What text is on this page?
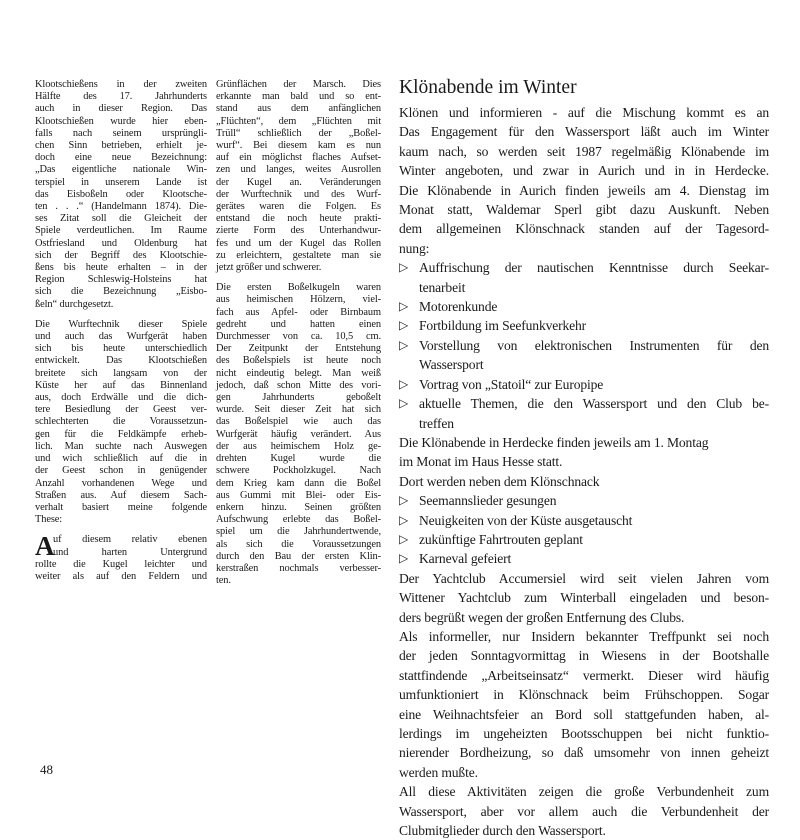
Klootschießens in der zweiten
Hälfte des 17. Jahrhunderts
auch in dieser Region. Das
Klootschießen wurde hier eben-
falls nach seinem ursprüngli-
chen Sinn betrieben, erhielt je-
doch eine neue Bezeichnung:
„Das eigentliche nationale Win-
terspiel in unserem Lande ist
das Eisboßeln oder Klootsche-
ten . . .“ (Handelmann 1874). Die-
ses Zitat soll die Gleicheit der
Spiele verdeutlichen. Im Raume
Ostfriesland und Oldenburg hat
sich der Begriff des Klootschie-
ßens bis heute erhalten – in der
Region Schleswig-Holsteins hat
sich die Bezeichnung „Eisbo-
ßeln“ durchgesetzt.
Die Wurftechnik dieser Spiele
und auch das Wurfgerät haben
sich bis heute unterschiedlich
entwickelt. Das Klootschießen
breitete sich langsam von der
Küste her auf das Binnenland
aus, doch Erdwälle und die dich-
tere Besiedlung der Geest ver-
schlechterten die Voraussetzun-
gen für die Feldkämpfe erheb-
lich. Man suchte nach Auswegen
und wich schließlich auf die in
der Geest schon in genügender
Anzahl vorhandenen Wege und
Straßen aus. Auf diesem Sach-
verhalt basiert meine folgende
These:
A
uf diesem relativ ebenen
und harten Untergrund
rollte die Kugel leichter und
weiter als auf den Feldern und
Grünflächen der Marsch. Dies
erkannte man bald und so ent-
stand aus dem anfänglichen
„Flüchten“, dem „Flüchten mit
Trüll“ schließlich der „Boßel-
wurf“. Bei diesem kam es nun
auf ein möglichst flaches Aufset-
zen und langes, weites Ausrollen
der Kugel an. Veränderungen
der Wurftechnik und des Wurf-
gerätes waren die Folgen. Es
entstand die noch heute prakti-
zierte Form des Unterhandwur-
fes und um der Kugel das Rollen
zu erleichtern, gestaltete man sie
jetzt größer und schwerer.
Die ersten Boßelkugeln waren
aus heimischen Hölzern, viel-
fach aus Apfel- oder Birnbaum
gedreht und hatten einen
Durchmesser von ca. 10,5 cm.
Der Zeitpunkt der Entstehung
des Boßelspiels ist heute noch
nicht eindeutig belegt. Man weiß
jedoch, daß schon Mitte des vori-
gen Jahrhunderts geboßelt
wurde. Seit dieser Zeit hat sich
das Boßelspiel wie auch das
Wurfgerät häufig verändert. Aus
der aus heimischem Holz ge-
drehten Kugel wurde die
schwere Pockholzkugel. Nach
dem Krieg kam dann die Boßel
aus Gummi mit Blei- oder Eis-
enkern hinzu. Seinen größten
Aufschwung erlebte das Boßel-
spiel um die Jahrhundertwende,
als sich die Voraussetzungen
durch den Bau der ersten Klin-
kerstraßen nochmals verbesser-
ten.
Klönabende im Winter
Klönen und informieren - auf die Mischung kommt es an
Das Engagement für den Wassersport läßt auch im Winter
kaum nach, so werden seit 1987 regelmäßig Klönabende im
Winter angeboten, und zwar in Aurich und in in Herdecke.
Die Klönabende in Aurich finden jeweils am 4. Dienstag im
Monat statt, Waldemar Sperl gibt dazu Auskunft. Neben
dem allgemeinen Klönschnack standen auf der Tagesord-
nung:
▷ Auffrischung der nautischen Kenntnisse durch Seekar-
tenarbeit
▷ Motorenkunde
▷ Fortbildung im Seefunkverkehr
▷ Vorstellung von elektronischen Instrumenten für den
Wassersport
▷ Vortrag von „Statoil“ zur Europipe
▷ aktuelle Themen, die den Wassersport und den Club be-
treffen
Die Klönabende in Herdecke finden jeweils am 1. Montag
im Monat im Haus Hesse statt.
Dort werden neben dem Klönschnack
▷ Seemannslieder gesungen
▷ Neuigkeiten von der Küste ausgetauscht
▷ zukünftige Fahrtrouten geplant
▷ Karneval gefeiert
Der Yachtclub Accumersiel wird seit vielen Jahren vom
Wittener Yachtclub zum Winterball eingeladen und beson-
ders begrüßt wegen der großen Entfernung des Clubs.
Als informeller, nur Insidern bekannter Treffpunkt sei noch
der jeden Sonntagvormittag in Wiesens in der Bootshalle
stattfindende „Arbeitseinsatz“ vermerkt. Dieser wird häufig
umfunktioniert in Klönschnack beim Frühschoppen. Sogar
eine Weihnachtsfeier an Bord soll stattgefunden haben, al-
lerdings im ungeheizten Bootsschuppen bei nicht funktio-
nierender Bordheizung, so daß umsomehr von innen geheizt
werden mußte.
All diese Aktivitäten zeigen die große Verbundenheit zum
Wassersport, aber vor allem auch die Verbundenheit der
Clubmitglieder durch den Wassersport.
48
